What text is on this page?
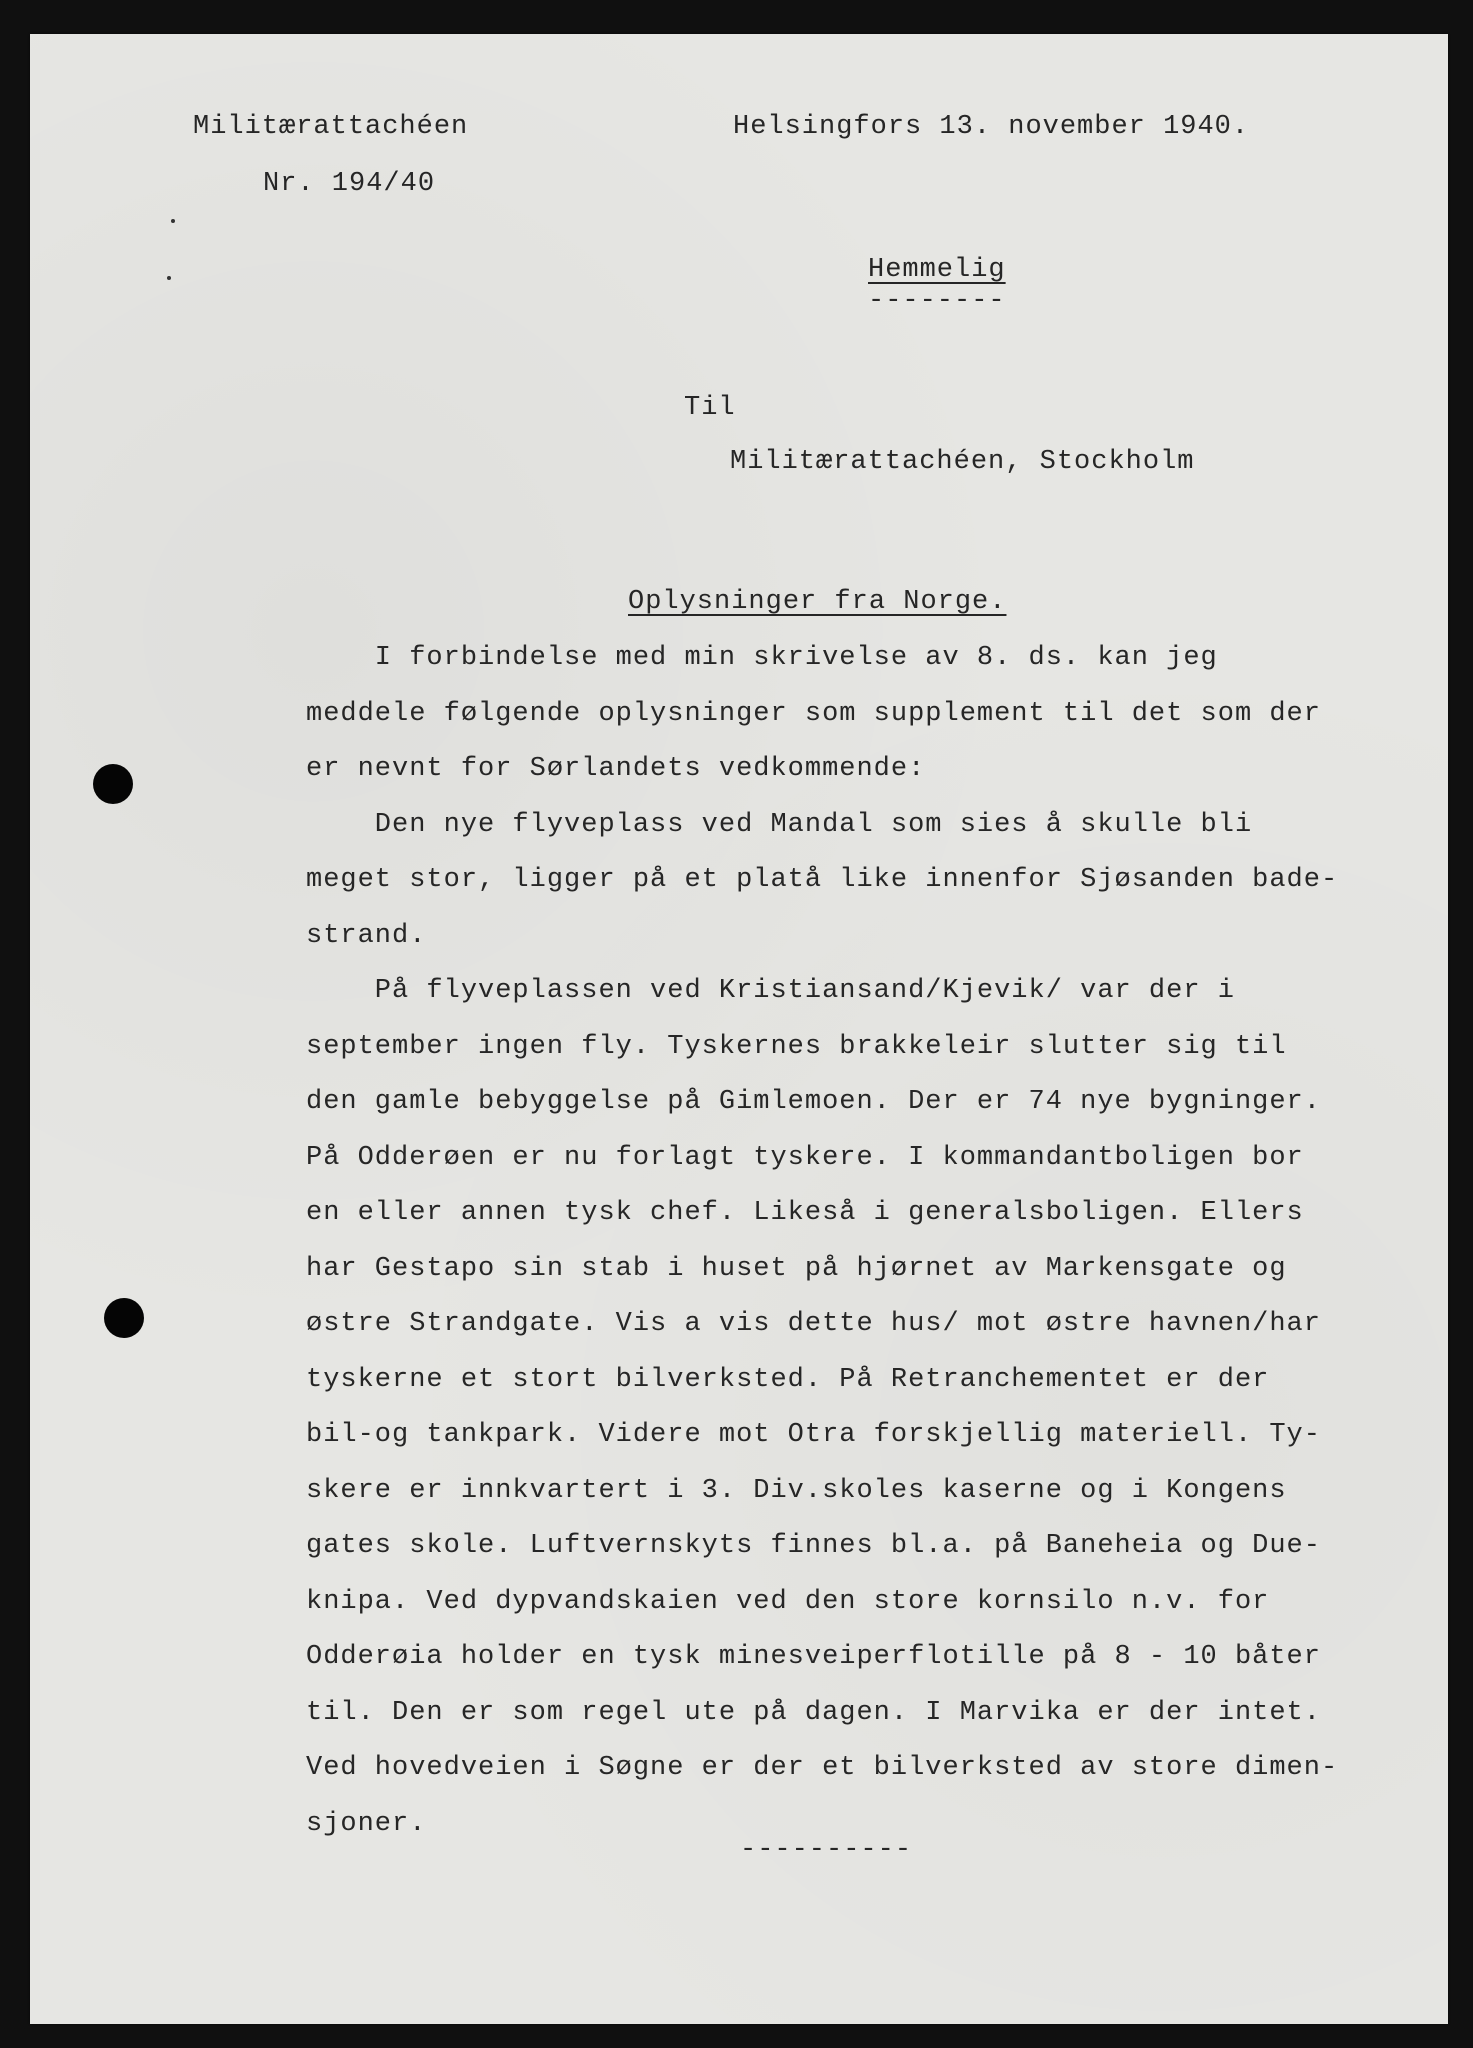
Militærattachéen

Nr. 194/40

Helsingfors 13. november 1940.

Hemmelig

--------

Til

Militærattachéen, Stockholm

Oplysninger fra Norge.

I forbindelse med min skrivelse av 8. ds. kan jeg
meddele følgende oplysninger som supplement til det som der
er nevnt for Sørlandets vedkommende:
Den nye flyveplass ved Mandal som sies å skulle bli
meget stor, ligger på et platå like innenfor Sjøsanden bade-
strand.
På flyveplassen ved Kristiansand/Kjevik/ var der i
september ingen fly. Tyskernes brakkeleir slutter sig til
den gamle bebyggelse på Gimlemoen. Der er 74 nye bygninger.
På Odderøen er nu forlagt tyskere. I kommandantboligen bor
en eller annen tysk chef. Likeså i generalsboligen. Ellers
har Gestapo sin stab i huset på hjørnet av Markensgate og
østre Strandgate. Vis a vis dette hus/ mot østre havnen/har
tyskerne et stort bilverksted. På Retranchementet er der
bil-og tankpark. Videre mot Otra forskjellig materiell. Ty-
skere er innkvartert i 3. Div.skoles kaserne og i Kongens
gates skole. Luftvernskyts finnes bl.a. på Baneheia og Due-
knipa. Ved dypvandskaien ved den store kornsilo n.v. for
Odderøia holder en tysk minesveiperflotille på 8 - 10 båter
til. Den er som regel ute på dagen. I Marvika er der intet.
Ved hovedveien i Søgne er der et bilverksted av store dimen-
sjoner.

----------
